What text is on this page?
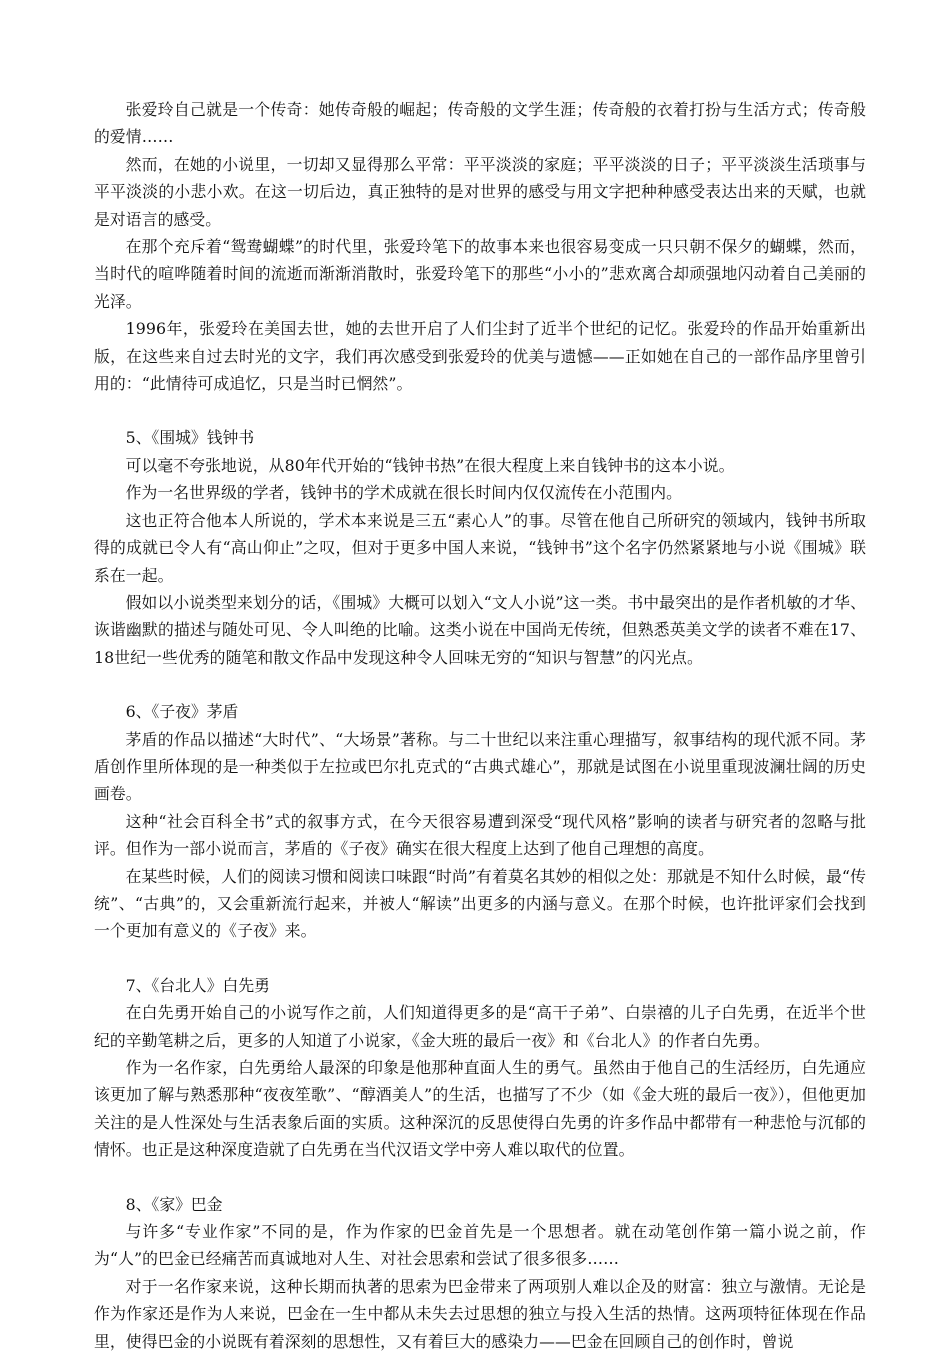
张爱玲自己就是一个传奇：她传奇般的崛起；传奇般的文学生涯；传奇般的衣着打扮与生活方式；传奇般的爱情……

然而，在她的小说里，一切却又显得那么平常：平平淡淡的家庭；平平淡淡的日子；平平淡淡生活琐事与平平淡淡的小悲小欢。在这一切后边，真正独特的是对世界的感受与用文字把种种感受表达出来的天赋，也就是对语言的感受。

在那个充斥着“鸳鸯蝴蝶”的时代里，张爱玲笔下的故事本来也很容易变成一只只朝不保夕的蝴蝶，然而，当时代的喧哗随着时间的流逝而渐渐消散时，张爱玲笔下的那些“小小的”悲欢离合却顽强地闪动着自己美丽的光泽。

1996年，张爱玲在美国去世，她的去世开启了人们尘封了近半个世纪的记忆。张爱玲的作品开始重新出版，在这些来自过去时光的文字，我们再次感受到张爱玲的优美与遗憾——正如她在自己的一部作品序里曾引用的：“此情待可成追忆，只是当时已惘然”。

5、《围城》钱钟书

可以毫不夸张地说，从80年代开始的“钱钟书热”在很大程度上来自钱钟书的这本小说。

作为一名世界级的学者，钱钟书的学术成就在很长时间内仅仅流传在小范围内。

这也正符合他本人所说的，学术本来说是三五“素心人”的事。尽管在他自己所研究的领域内，钱钟书所取得的成就已令人有“高山仰止”之叹，但对于更多中国人来说，“钱钟书”这个名字仍然紧紧地与小说《围城》联系在一起。

假如以小说类型来划分的话，《围城》大概可以划入“文人小说”这一类。书中最突出的是作者机敏的才华、诙谐幽默的描述与随处可见、令人叫绝的比喻。这类小说在中国尚无传统，但熟悉英美文学的读者不难在17、18世纪一些优秀的随笔和散文作品中发现这种令人回味无穷的“知识与智慧”的闪光点。

6、《子夜》茅盾

茅盾的作品以描述“大时代”、“大场景”著称。与二十世纪以来注重心理描写，叙事结构的现代派不同。茅盾创作里所体现的是一种类似于左拉或巴尔扎克式的“古典式雄心”，那就是试图在小说里重现波澜壮阔的历史画卷。

这种“社会百科全书”式的叙事方式，在今天很容易遭到深受“现代风格”影响的读者与研究者的忽略与批评。但作为一部小说而言，茅盾的《子夜》确实在很大程度上达到了他自己理想的高度。

在某些时候，人们的阅读习惯和阅读口味跟“时尚”有着莫名其妙的相似之处：那就是不知什么时候，最“传统”、“古典”的，又会重新流行起来，并被人“解读”出更多的内涵与意义。在那个时候，也许批评家们会找到一个更加有意义的《子夜》来。

7、《台北人》白先勇

在白先勇开始自己的小说写作之前，人们知道得更多的是“高干子弟”、白崇禧的儿子白先勇，在近半个世纪的辛勤笔耕之后，更多的人知道了小说家，《金大班的最后一夜》和《台北人》的作者白先勇。

作为一名作家，白先勇给人最深的印象是他那种直面人生的勇气。虽然由于他自己的生活经历，白先通应该更加了解与熟悉那种“夜夜笙歌”、“醇酒美人”的生活，也描写了不少（如《金大班的最后一夜》），但他更加关注的是人性深处与生活表象后面的实质。这种深沉的反思使得白先勇的许多作品中都带有一种悲怆与沉郁的情怀。也正是这种深度造就了白先勇在当代汉语文学中旁人难以取代的位置。

8、《家》巴金

与许多“专业作家”不同的是，作为作家的巴金首先是一个思想者。就在动笔创作第一篇小说之前，作为“人”的巴金已经痛苦而真诚地对人生、对社会思索和尝试了很多很多……

对于一名作家来说，这种长期而执著的思索为巴金带来了两项别人难以企及的财富：独立与激情。无论是作为作家还是作为人来说，巴金在一生中都从未失去过思想的独立与投入生活的热情。这两项特征体现在作品里，使得巴金的小说既有着深刻的思想性，又有着巨大的感染力——巴金在回顾自己的创作时，曾说
